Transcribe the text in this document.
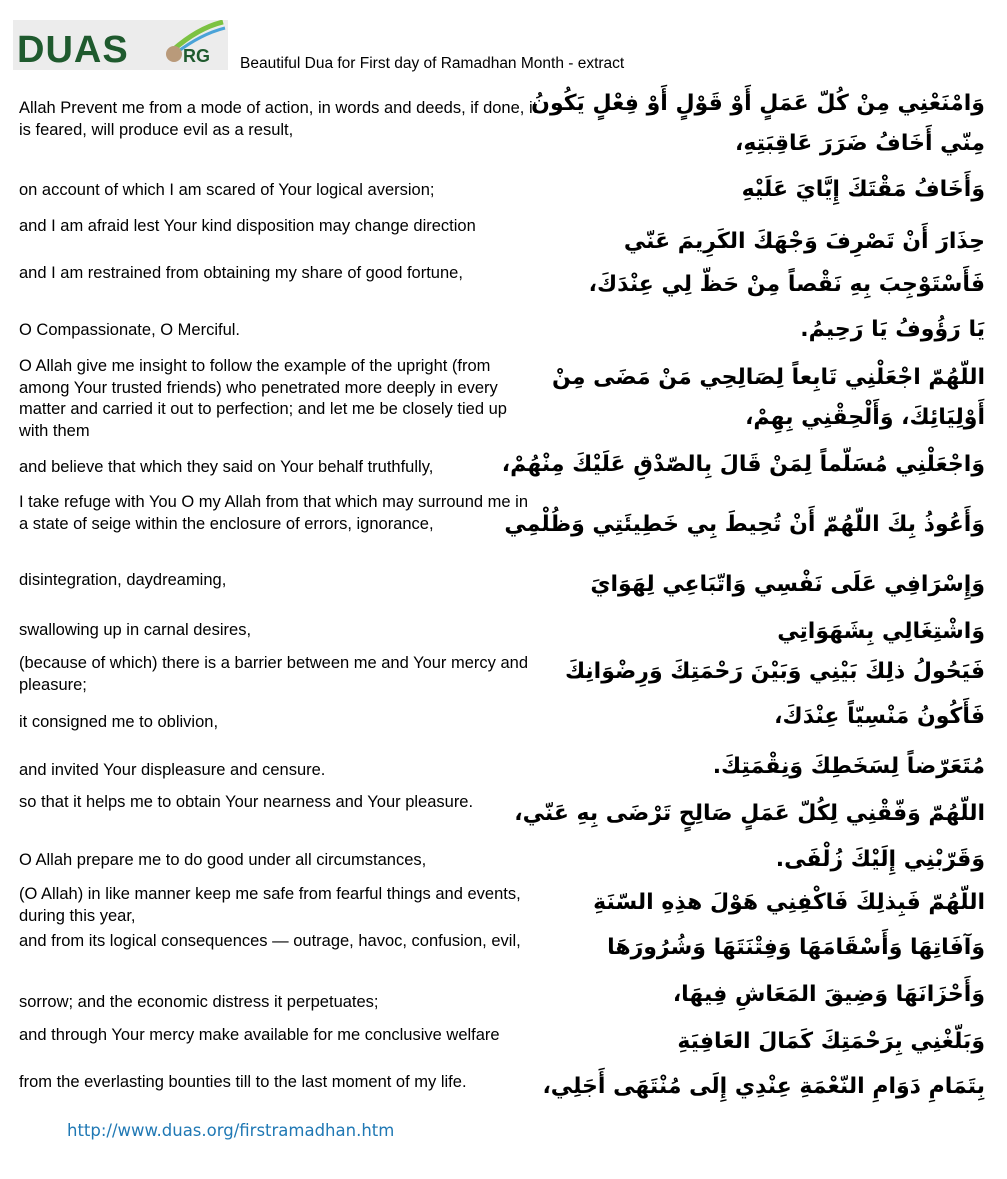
DUAS	RG Beautiful Dua for First day of Ramadhan Month - extract
Allah Prevent me from a mode of action, in words and deeds, if done, it is feared, will produce evil as a result,
وَامْنَعْنِي مِنْ كُلّ عَمَلٍ أَوْ قَوْلٍ أَوْ فِعْلٍ يَكُونُ
مِنّي أَخَافُ ضَرَرَ عَاقِبَتِهِ،
on account of which I am scared of Your logical aversion;	وَأَخَافُ مَقْتَكَ إِيَّايَ عَلَيْهِ
and I am afraid lest Your kind disposition may change direction
حِذَارَ أَنْ تَصْرِفَ وَجْهَكَ الكَرِيمَ عَنّي
and I am restrained from obtaining my share of good fortune,	فَأَسْتَوْجِبَ بِهِ نَقْصاً مِنْ حَظّ لِي عِنْدَكَ،
O Compassionate, O Merciful.	يَا رَؤُوفُ يَا رَحِيمُ.
O Allah give me insight to follow the example of the upright (from among Your trusted friends) who penetrated more deeply in every matter and carried it out to perfection; and let me be closely tied up with them
اللّهُمّ اجْعَلْنِي تَابِعاً لِصَالِحِي مَنْ مَضَى مِنْ
أَوْلِيَائِكَ، وَأَلْحِقْنِي بِهِمْ،
and believe that which they said on Your behalf truthfully,	وَاجْعَلْنِي مُسَلّماً لِمَنْ قَالَ بِالصّدْقِ عَلَيْكَ مِنْهُمْ،
I take refuge with You O my Allah from that which may surround me in a state of seige within the enclosure of errors, ignorance,	وَأَعُوذُ بِكَ اللّهُمّ أَنْ تُحِيطَ بِي خَطِيئَتِي وَظُلْمِي
disintegration, daydreaming,	وَإِسْرَافِي عَلَى نَفْسِي وَاتّبَاعِي لِهَوَايَ
swallowing up in carnal desires,	وَاشْتِغَالِي بِشَهَوَاتِي
(because of which) there is a barrier between me and Your mercy and pleasure;
فَيَحُولُ ذلِكَ بَيْنِي وَبَيْنَ رَحْمَتِكَ وَرِضْوَانِكَ
it consigned me to oblivion,	فَأَكُونُ مَنْسِيّاً عِنْدَكَ،
and invited Your displeasure and censure.	مُتَعَرّضاً لِسَخَطِكَ وَنِقْمَتِكَ.
so that it helps me to obtain Your nearness and Your pleasure.	اللّهُمّ وَفّقْنِي لِكُلّ عَمَلٍ صَالِحٍ تَرْضَى بِهِ عَنّي،
O Allah prepare me to do good under all circumstances,	وَقَرّبْنِي إِلَيْكَ زُلْفَى.
(O Allah) in like manner keep me safe from fearful things and events, during this year,
اللّهُمّ فَبِذلِكَ فَاكْفِنِي هَوْلَ هذِهِ السّنَةِ
and from its logical consequences — outrage, havoc, confusion, evil,	وَآفَاتِهَا وَأَسْقَامَهَا وَفِتْنَتَهَا وَشُرُورَهَا
sorrow; and the economic distress it perpetuates;	وَأَحْزَانَهَا وَضِيقَ المَعَاشِ فِيهَا،
and through Your mercy make available for me conclusive welfare	وَبَلّغْنِي بِرَحْمَتِكَ كَمَالَ العَافِيَةِ
from the everlasting bounties till to the last moment of my life.	بِتَمَامِ دَوَامِ النّعْمَةِ عِنْدِي إِلَى مُنْتَهَى أَجَلِي،
http://www.duas.org/firstramadhan.htm
